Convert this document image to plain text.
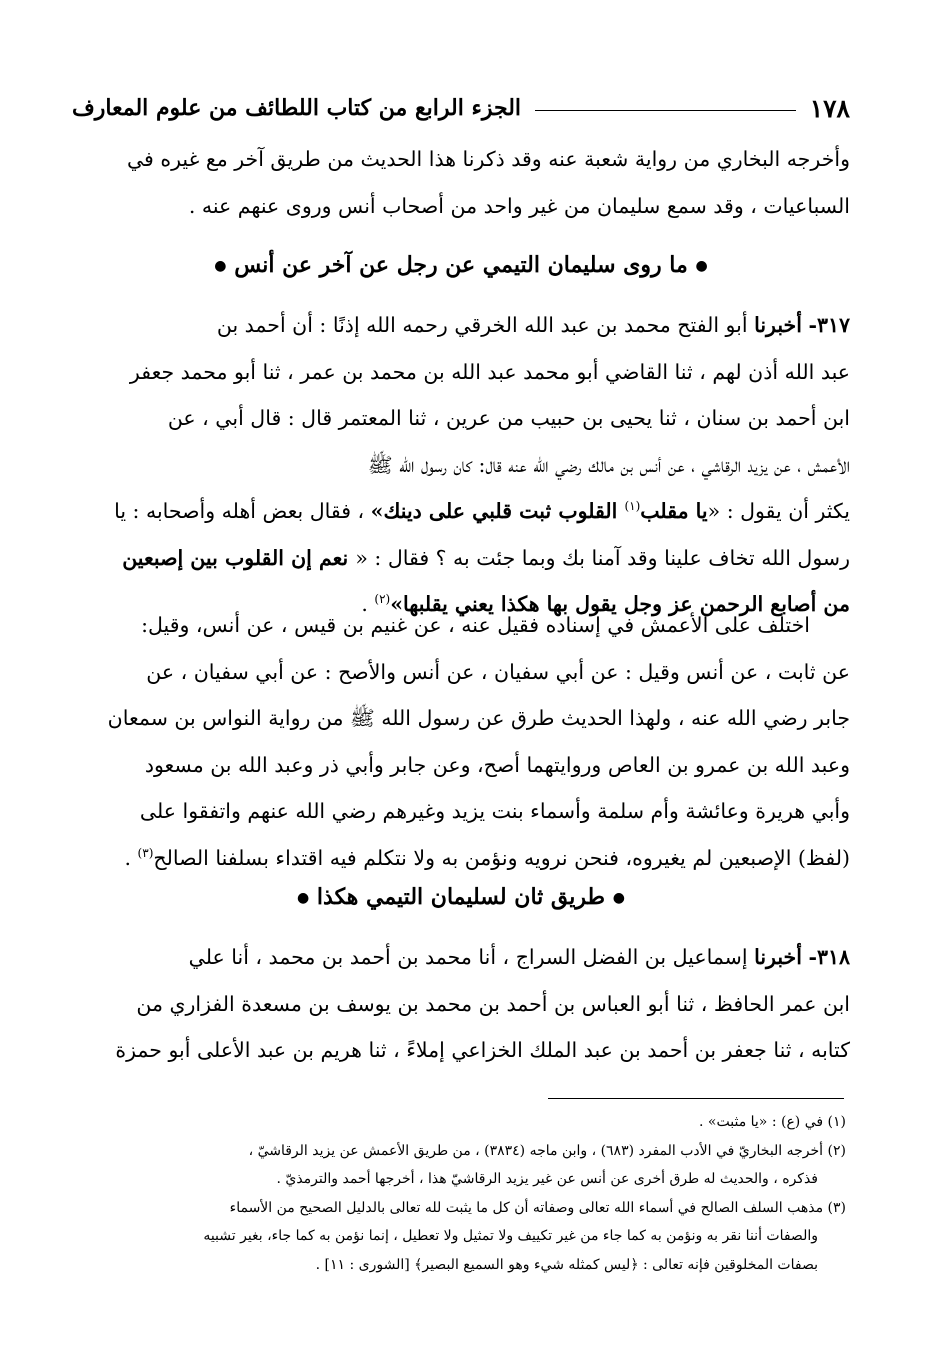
١٧٨
الجزء الرابع من كتاب اللطائف من علوم المعارف

وأخرجه البخاري من رواية شعبة عنه وقد ذكرنا هذا الحديث من طريق آخر مع غيره في

السباعيات ، وقد سمع سليمان من غير واحد من أصحاب أنس وروى عنهم عنه .

● ما روى سليمان التيمي عن رجل عن آخر عن أنس ●

٣١٧- أخبرنا أبو الفتح محمد بن عبد الله الخرقي رحمه الله إذنًا : أن أحمد بن

عبد الله أذن لهم ، ثنا القاضي أبو محمد عبد الله بن محمد بن عمر ، ثنا أبو محمد جعفر

ابن أحمد بن سنان ، ثنا يحيى بن حبيب من عرين ، ثنا المعتمر قال : قال أبي ، عن

الأعمش ، عن يزيد الرقاشي ، عن أنس بن مالك رضي الله عنه قال: كان رسول الله ﷺ

يكثر أن يقول : «يا مقلب$^{(١)}$ القلوب ثبت قلبي على دينك» ، فقال بعض أهله وأصحابه : يا

رسول الله تخاف علينا وقد آمنا بك وبما جئت به ؟ فقال : « نعم إن القلوب بين إصبعين

من أصابع الرحمن عز وجل يقول بها هكذا يعني يقلبها»$^{(٢)}$ .

اختلف على الأعمش في إسناده فقيل عنه ، عن غنيم بن قيس ، عن أنس، وقيل:

عن ثابت ، عن أنس وقيل : عن أبي سفيان ، عن أنس والأصح : عن أبي سفيان ، عن

جابر رضي الله عنه ، ولهذا الحديث طرق عن رسول الله ﷺ من رواية النواس بن سمعان

وعبد الله بن عمرو بن العاص وروايتهما أصح، وعن جابر وأبي ذر وعبد الله بن مسعود

وأبي هريرة وعائشة وأم سلمة وأسماء بنت يزيد وغيرهم رضي الله عنهم واتفقوا على

(لفظ) الإصبعين لم يغيروه، فنحن نرويه ونؤمن به ولا نتكلم فيه اقتداء بسلفنا الصالح$^{(٣)}$ .

● طريق ثان لسليمان التيمي هكذا ●

٣١٨- أخبرنا إسماعيل بن الفضل السراج ، أنا محمد بن أحمد بن محمد ، أنا علي

ابن عمر الحافظ ، ثنا أبو العباس بن أحمد بن محمد بن يوسف بن مسعدة الفزاري من

كتابه ، ثنا جعفر بن أحمد بن عبد الملك الخزاعي إملاءً ، ثنا هريم بن عبد الأعلى أبو حمزة

(١) في (ع) : «يا مثبت» .

(٢) أخرجه البخاريّ في الأدب المفرد (٦٨٣) ، وابن ماجه (٣٨٣٤) ، من طريق الأعمش عن يزيد الرقاشيّ ،

فذكره ، والحديث له طرق أخرى عن أنس عن غير يزيد الرقاشيّ هذا ، أخرجها أحمد والترمذيّ .

(٣) مذهب السلف الصالح في أسماء الله تعالى وصفاته أن كل ما يثبت لله تعالى بالدليل الصحيح من الأسماء

والصفات أننا نقر به ونؤمن به كما جاء من غير تكييف ولا تمثيل ولا تعطيل ، إنما نؤمن به كما جاء، بغير تشبيه

بصفات المخلوقين فإنه تعالى : ﴿ليس كمثله شيء وهو السميع البصير﴾ [الشورى : ١١] .
